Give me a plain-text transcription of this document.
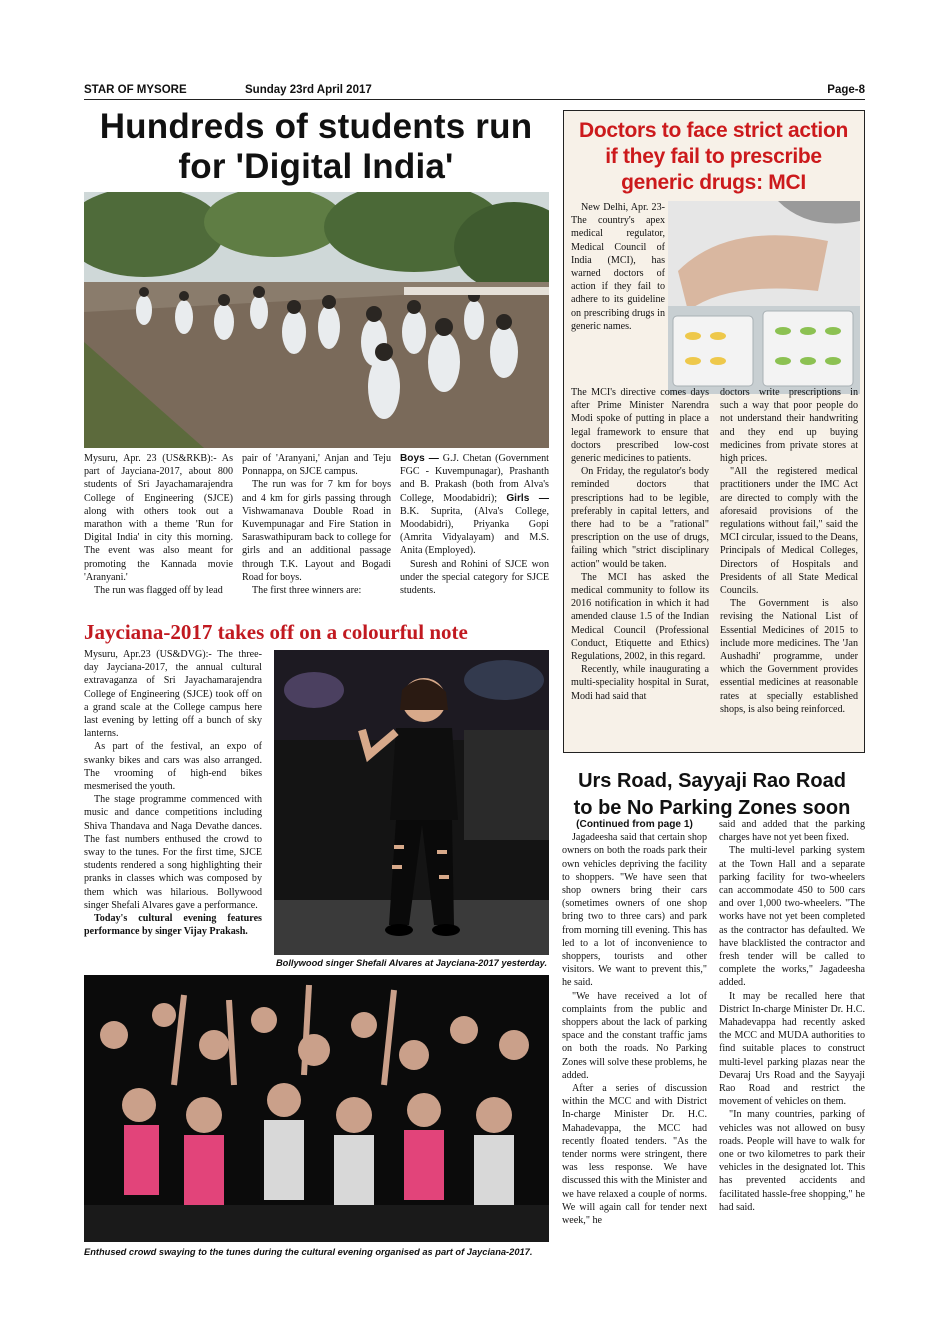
STAR OF MYSORE	Sunday 23rd April 2017	Page-8
Hundreds of students run
for 'Digital India'

Mysuru, Apr. 23 (US&RKB):- As part of Jayciana-2017, about 800 students of Sri Jayachamarajendra College of Engineering (SJCE) along with others took out a marathon with a theme 'Run for Digital India' in city this morning. The event was also meant for promoting the Kannada movie 'Aranyani.'

The run was flagged off by lead

pair of 'Aranyani,' Anjan and Teju Ponnappa, on SJCE campus.

The run was for 7 km for boys and 4 km for girls passing through Vishwamanava Double Road in Kuvempunagar and Fire Station in Saraswathipuram back to college for girls and an additional passage through T.K. Layout and Bogadi Road for boys.

The first three winners are:

Boys — G.J. Chetan (Government FGC - Kuvempunagar), Prashanth and B. Prakash (both from Alva's College, Moodabidri); Girls — B.K. Suprita, (Alva's College, Moodabidri), Priyanka Gopi (Amrita Vidyalayam) and M.S. Anita (Employed).

Suresh and Rohini of SJCE won under the special category for SJCE students.

Jayciana-2017 takes off on a colourful note

Mysuru, Apr.23 (US&DVG):- The three-day Jayciana-2017, the annual cultural extravaganza of Sri Jayachamarajendra College of Engineering (SJCE) took off on a grand scale at the College campus here last evening by letting off a bunch of sky lanterns.

As part of the festival, an expo of swanky bikes and cars was also arranged. The vrooming of high-end bikes mesmerised the youth.

The stage programme commenced with music and dance competitions including Shiva Thandava and Naga Devathe dances. The fast numbers enthused the crowd to sway to the tunes. For the first time, SJCE students rendered a song highlighting their pranks in classes which was composed by them which was hilarious. Bollywood singer Shefali Alvares gave a performance.

Today's cultural evening features performance by singer Vijay Prakash.

Bollywood singer Shefali Alvares at Jayciana-2017 yesterday.
Enthused crowd swaying to the tunes during the cultural evening organised as part of Jayciana-2017.
Doctors to face strict action
if they fail to prescribe
generic drugs: MCI

New Delhi, Apr. 23- The country's apex medical regulator, Medical Council of India (MCI), has warned doctors of action if they fail to adhere to its guideline on prescribing drugs in generic names.

The MCI's directive comes days after Prime Minister Narendra Modi spoke of putting in place a legal framework to ensure that doctors prescribed low-cost generic medicines to patients.

On Friday, the regulator's body reminded doctors that prescriptions had to be legible, preferably in capital letters, and there had to be a "rational" prescription on the use of drugs, failing which "strict disciplinary action" would be taken.

The MCI has asked the medical community to follow its 2016 notification in which it had amended clause 1.5 of the Indian Medical Council (Professional Conduct, Etiquette and Ethics) Regulations, 2002, in this regard.

Recently, while inaugurating a multi-speciality hospital in Surat, Modi had said that

doctors write prescriptions in such a way that poor people do not understand their handwriting and they end up buying medicines from private stores at high prices.

"All the registered medical practitioners under the IMC Act are directed to comply with the aforesaid provisions of the regulations without fail," said the MCI circular, issued to the Deans, Principals of Medical Colleges, Directors of Hospitals and Presidents of all State Medical Councils.

The Government is also revising the National List of Essential Medicines of 2015 to include more medicines. The 'Jan Aushadhi' programme, under which the Government provides essential medicines at reasonable rates at specially established shops, is also being reinforced.

Urs Road, Sayyaji Rao Road
to be No Parking Zones soon

(Continued from page 1)

Jagadeesha said that certain shop owners on both the roads park their own vehicles depriving the facility to shoppers. "We have seen that shop owners bring their cars (sometimes owners of one shop bring two to three cars) and park from morning till evening. This has led to a lot of inconvenience to shoppers, tourists and other visitors. We want to prevent this," he said.

"We have received a lot of complaints from the public and shoppers about the lack of parking space and the constant traffic jams on both the roads. No Parking Zones will solve these problems, he added.

After a series of discussion within the MCC and with District In-charge Minister Dr. H.C. Mahadevappa, the MCC had recently floated tenders. "As the tender norms were stringent, there was less response. We have discussed this with the Minister and we have relaxed a couple of norms. We will again call for tender next week," he

said and added that the parking charges have not yet been fixed.

The multi-level parking system at the Town Hall and a separate parking facility for two-wheelers can accommodate 450 to 500 cars and over 1,000 two-wheelers. "The works have not yet been completed as the contractor has defaulted. We have blacklisted the contractor and fresh tender will be called to complete the works," Jagadeesha added.

It may be recalled here that District In-charge Minister Dr. H.C. Mahadevappa had recently asked the MCC and MUDA authorities to find suitable places to construct multi-level parking plazas near the Devaraj Urs Road and the Sayyaji Rao Road and restrict the movement of vehicles on them.

"In many countries, parking of vehicles was not allowed on busy roads. People will have to walk for one or two kilometres to park their vehicles in the designated lot. This has prevented accidents and facilitated hassle-free shopping," he had said.
